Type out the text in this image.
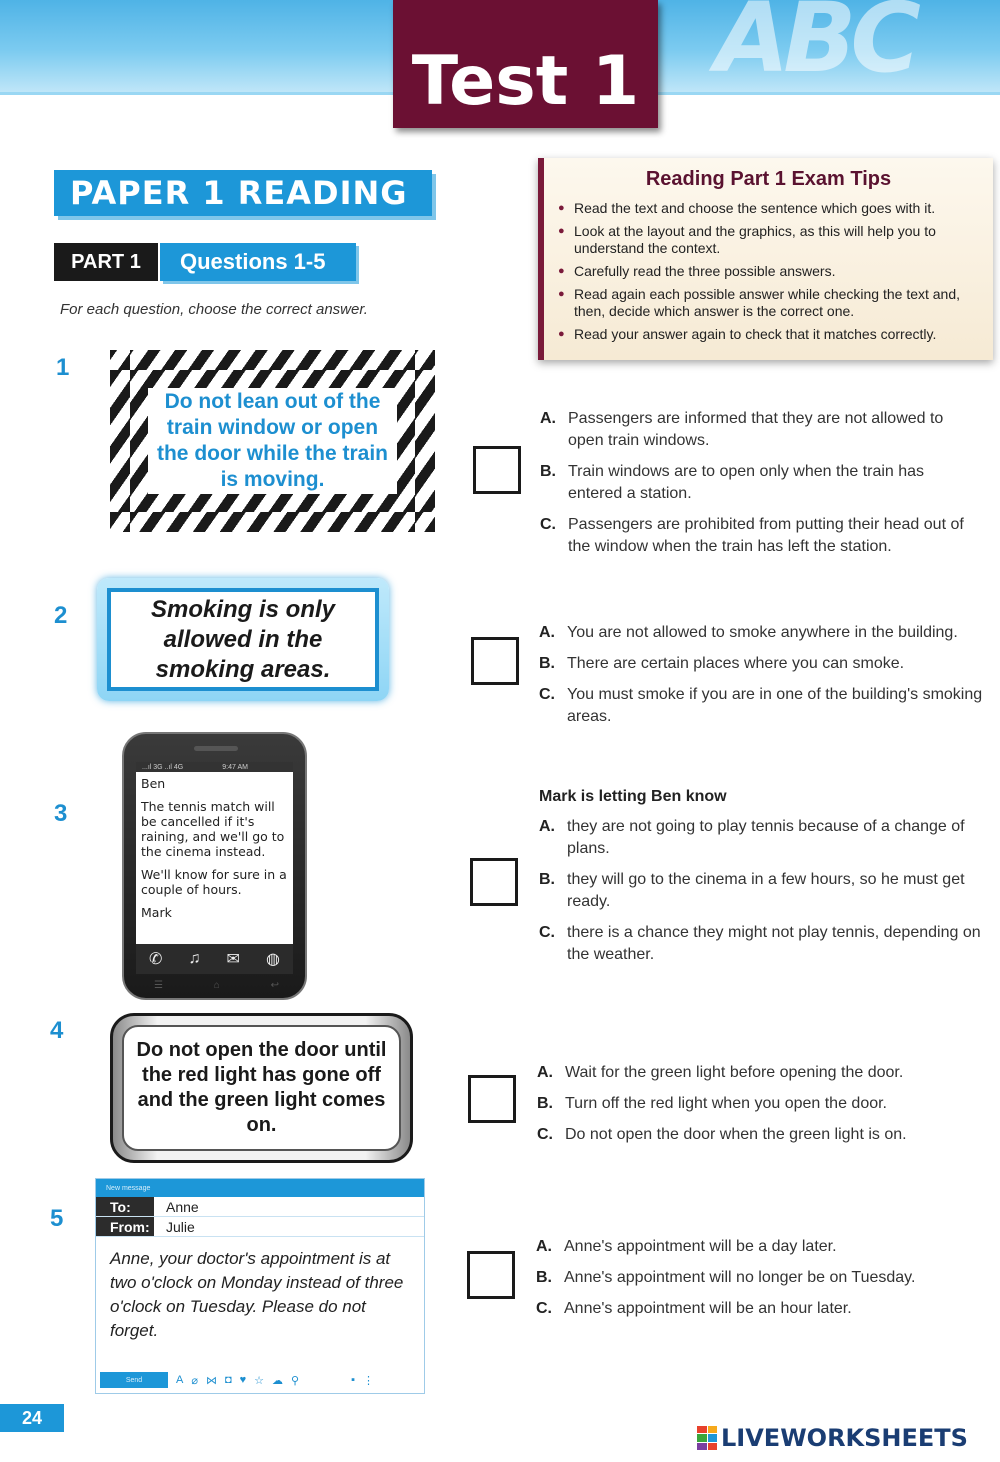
ABC
Test 1
PAPER 1 READING
PART 1	Questions 1-5
For each question, choose the correct answer.
Reading Part 1 Exam Tips
● Read the text and choose the sentence which goes with it.
● Look at the layout and the graphics, as this will help you to understand the context.
● Carefully read the three possible answers.
● Read again each possible answer while checking the text and, then, decide which answer is the correct one.
● Read your answer again to check that it matches correctly.
1
Do not lean out of the train window or open the door while the train is moving.
A. Passengers are informed that they are not allowed to open train windows.
B. Train windows are to open only when the train has entered a station.
C. Passengers are prohibited from putting their head out of the window when the train has left the station.
2	Smoking is only allowed in the smoking areas.
A. You are not allowed to smoke anywhere in the building.
B. There are certain places where you can smoke.
C. You must smoke if you are in one of the building's smoking areas.
3
...ıl 3G ..ıl 4G	9:47 AM

Ben

The tennis match will be cancelled if it's raining, and we'll go to the cinema instead.

We'll know for sure in a couple of hours.

Mark

✆ ♫ ✉ ◍
☰	⌂	↩
Mark is letting Ben know
A. they are not going to play tennis because of a change of plans.
B. they will go to the cinema in a few hours, so he must get ready.
C. there is a chance they might not play tennis, depending on the weather.
4
Do not open the door until the red light has gone off and the green light comes on.
A. Wait for the green light before opening the door.
B. Turn off the red light when you open the door.
C. Do not open the door when the green light is on.
5
New message
To:	Anne
From:	Julie
Anne, your doctor's appointment is at two o'clock on Monday instead of three o'clock on Tuesday. Please do not forget.
Send	A ⌀ ⋈ ◘ ♥ ☆ ☁ ⚲	▪ ⋮
A. Anne's appointment will be a day later.
B. Anne's appointment will no longer be on Tuesday.
C. Anne's appointment will be an hour later.
24
LIVEWORKSHEETS
